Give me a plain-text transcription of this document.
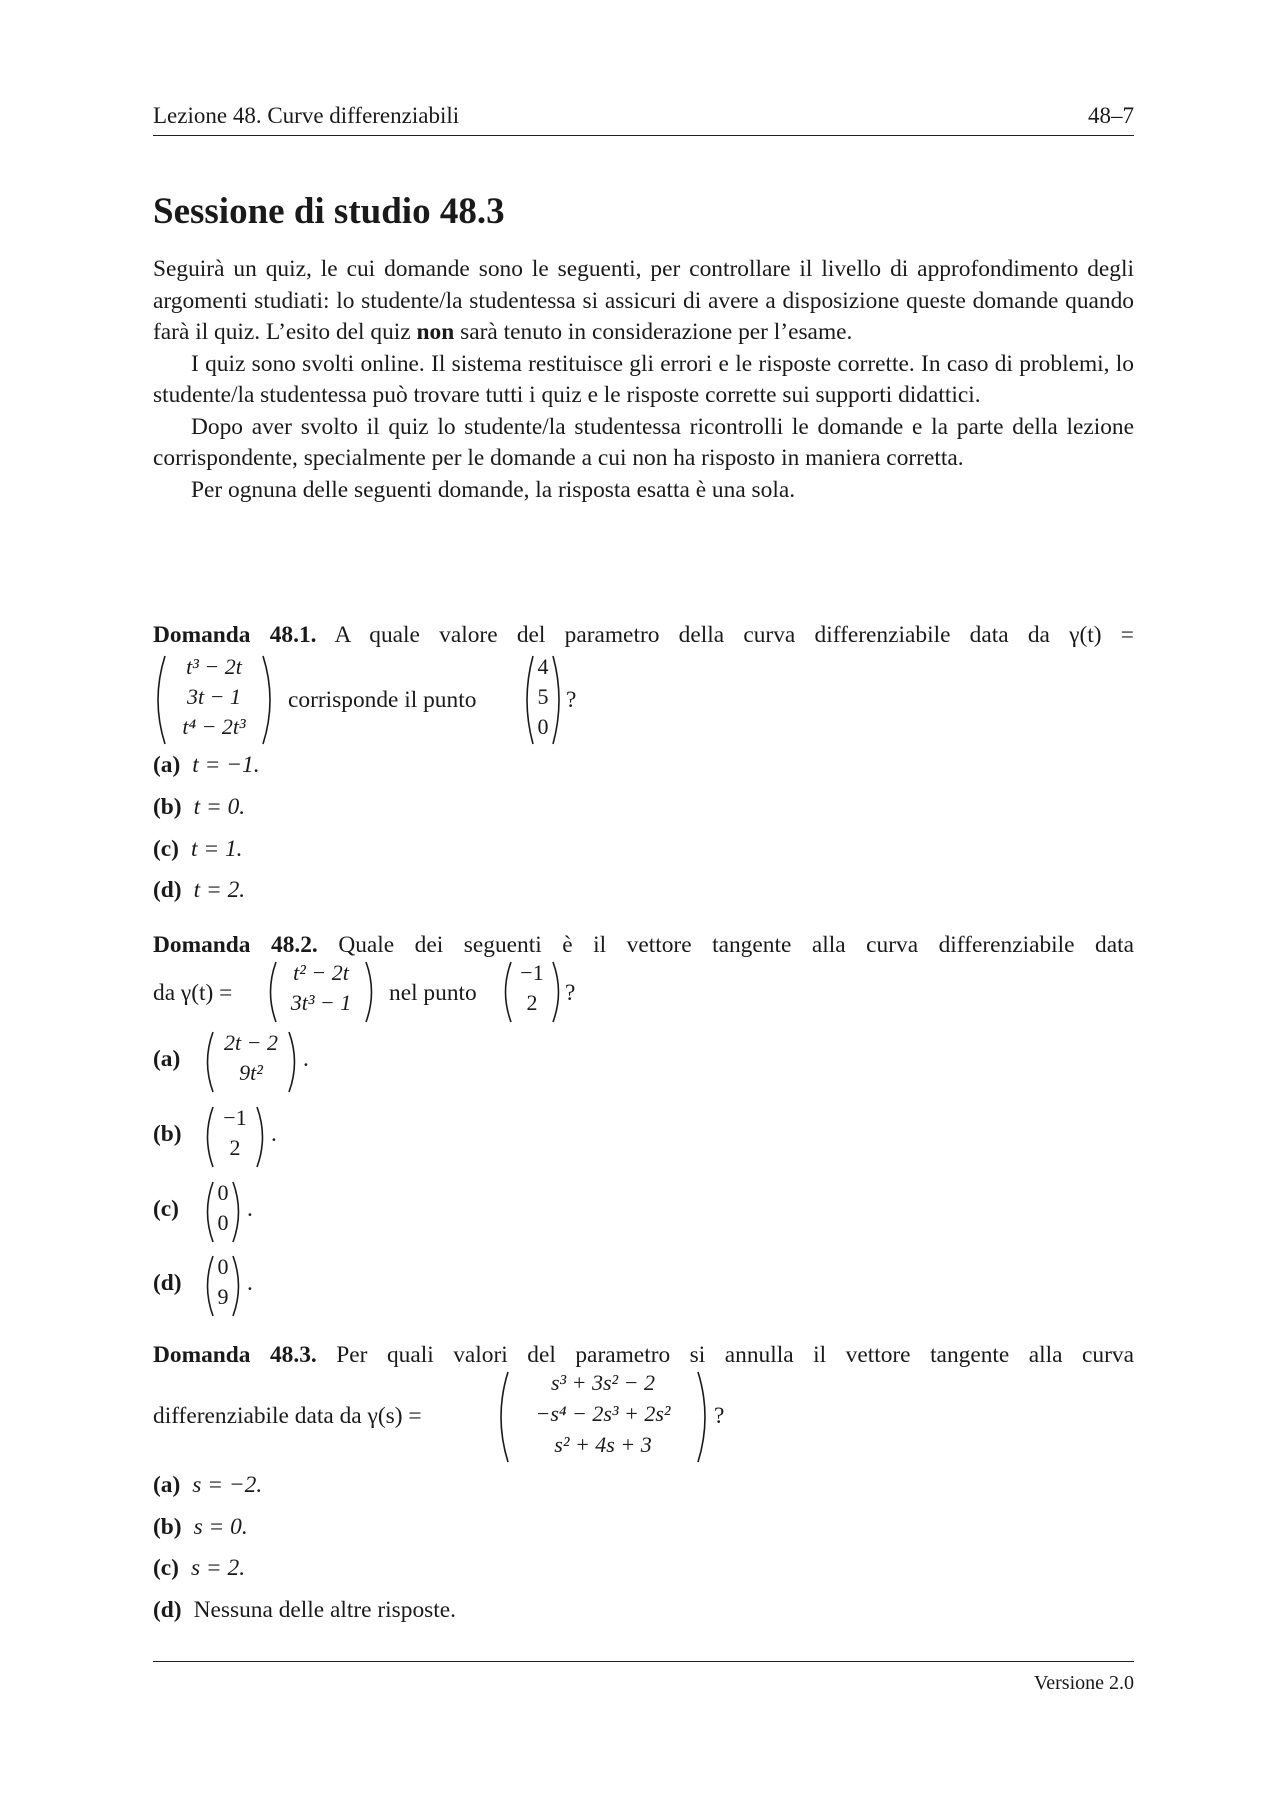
Lezione 48. Curve differenziabili	48–7
Sessione di studio 48.3

Seguirà un quiz, le cui domande sono le seguenti, per controllare il livello di approfondimento degli argomenti studiati: lo studente/la studentessa si assicuri di avere a disposizione queste domande quando farà il quiz. L’esito del quiz non sarà tenuto in considerazione per l’esame.

I quiz sono svolti online. Il sistema restituisce gli errori e le risposte corrette. In caso di problemi, lo studente/la studentessa può trovare tutti i quiz e le risposte corrette sui supporti didattici.

Dopo aver svolto il quiz lo studente/la studentessa ricontrolli le domande e la parte della lezione corrispondente, specialmente per le domande a cui non ha risposto in maniera corretta.

Per ognuna delle seguenti domande, la risposta esatta è una sola.

Domanda 48.1. A quale valore del parametro della curva differenziabile data da γ(t) =
t³ − 2t
3t − 1
t⁴ − 2t³
corrisponde il punto
4
5
0
?
(a) t = −1.
(b) t = 0.
(c) t = 1.
(d) t = 2.
Domanda 48.2. Quale dei seguenti è il vettore tangente alla curva differenziabile data
da γ(t) =
t² − 2t
3t³ − 1	nel punto
−1
2	?
(a)
2t − 2
9t²
.
(b)
−1
2
.
(c)
0
0
.
(d)
0
9
.
Domanda 48.3. Per quali valori del parametro si annulla il vettore tangente alla curva
differenziabile data da γ(s) =
s³ + 3s² − 2
−s⁴ − 2s³ + 2s²
s² + 4s + 3
?
(a) s = −2.
(b) s = 0.
(c) s = 2.
(d) Nessuna delle altre risposte.
Versione 2.0
